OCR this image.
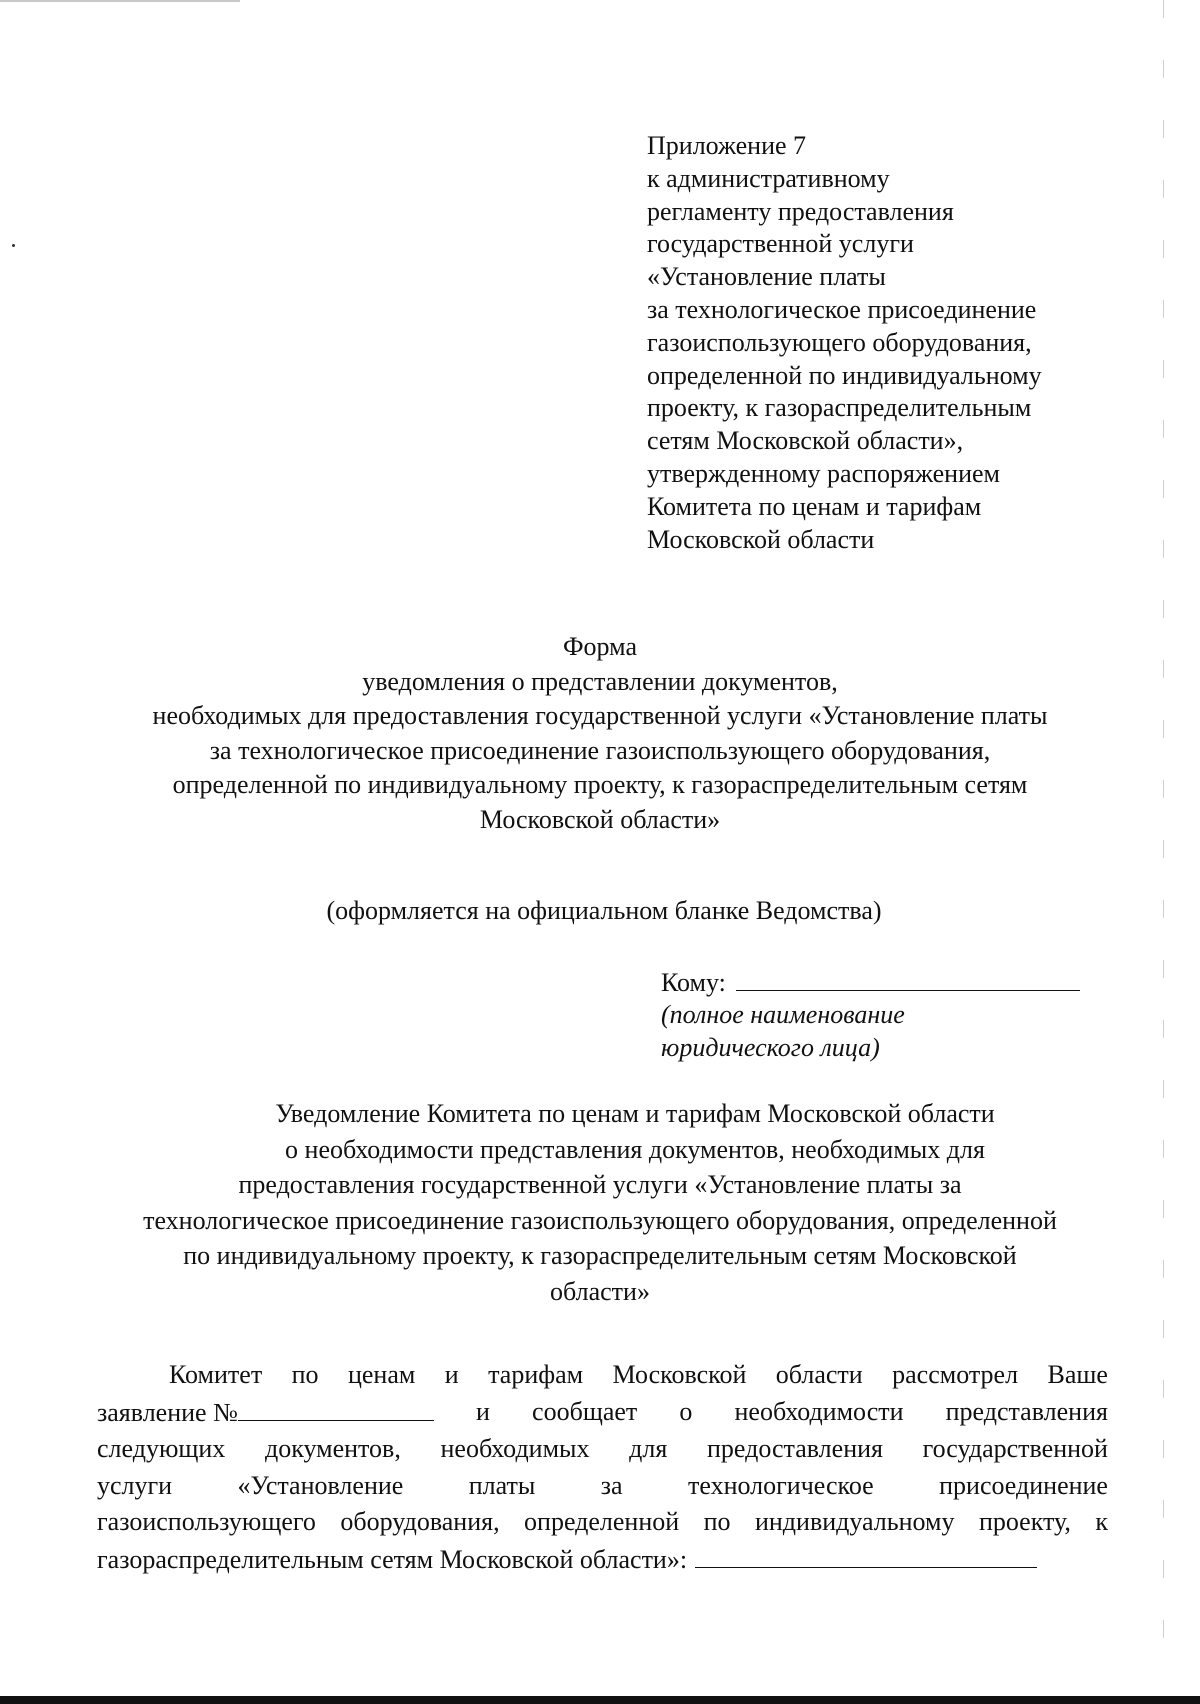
Приложение 7
к административному
регламенту предоставления
государственной услуги
«Установление платы
за технологическое присоединение
газоиспользующего оборудования,
определенной по индивидуальному
проекту, к газораспределительным
сетям Московской области»,
утвержденному распоряжением
Комитета по ценам и тарифам
Московской области
Форма
уведомления о представлении документов,
необходимых для предоставления государственной услуги «Установление платы
за технологическое присоединение газоиспользующего оборудования,
определенной по индивидуальному проекту, к газораспределительным сетям
Московской области»
(оформляется на официальном бланке Ведомства)
Кому:
(полное наименование
юридического лица)
Уведомление Комитета по ценам и тарифам Московской области
о необходимости представления документов, необходимых для
предоставления государственной услуги «Установление платы за
технологическое присоединение газоиспользующего оборудования, определенной
по индивидуальному проекту, к газораспределительным сетям Московской
области»
Комитет по ценам и тарифам Московской области рассмотрел Ваше
заявление №	и сообщает о необходимости представления
следующих документов, необходимых для предоставления государственной
услуги	«Установление	платы	за	технологическое	присоединение
газоиспользующего оборудования, определенной по индивидуальному проекту, к
газораспределительным сетям Московской области»:
